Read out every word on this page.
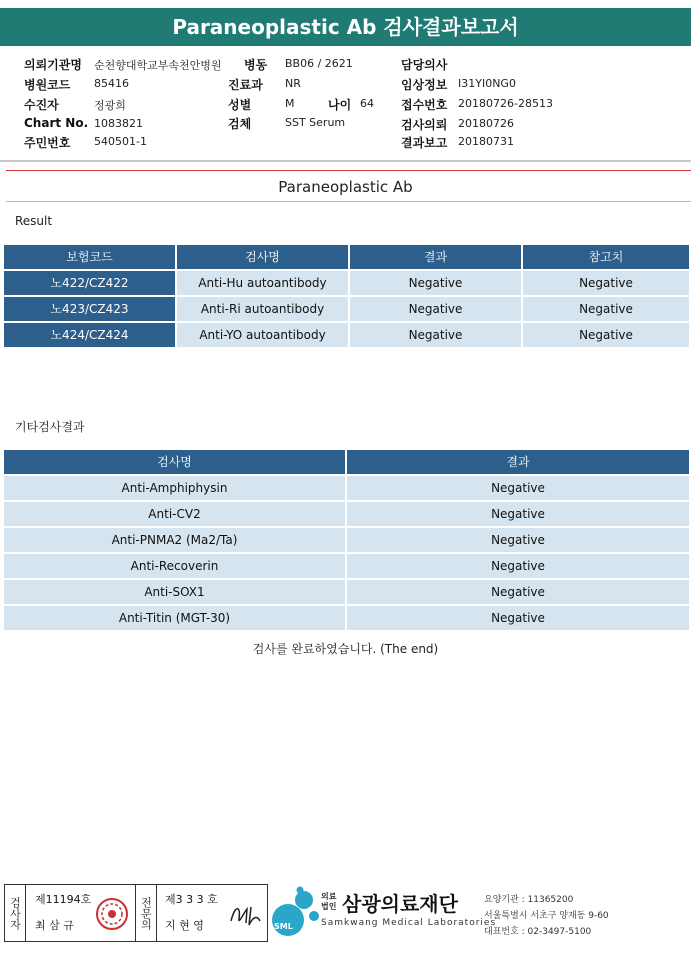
Paraneoplastic Ab 검사결과보고서
의뢰기관명 순천향대학교부속천안병원 병동 BB06 / 2621	담당의사
병원코드 85416	진료과 NR	임상정보 I31YI0NG0
수진자	정광희	성별	M	나이 64 접수번호 20180726-28513
Chart No. 1083821	검체	SST Serum	검사의뢰 20180726
주민번호 540501-1	결과보고 20180731
Paraneoplastic Ab
Result
보험코드	검사명	결과	참고치
노422/CZ422	Anti-Hu autoantibody	Negative	Negative
노423/CZ423	Anti-Ri autoantibody	Negative	Negative
노424/CZ424	Anti-YO autoantibody	Negative	Negative
기타검사결과
검사명	결과
Anti-Amphiphysin	Negative
Anti-CV2	Negative
Anti-PNMA2 (Ma2/Ta)	Negative
Anti-Recoverin	Negative
Anti-SOX1	Negative
Anti-Titin (MGT-30)	Negative
검사를 완료하였습니다. (The end)
검사자	제11194호
최 삼 규	전문의	제3 3 3 호
지 현 영	SML
의료법인 삼광의료재단
Samkwang Medical Laboratories
요양기관 : 11365200
서울특별시 서초구 양재동 9-60
대표번호 : 02-3497-5100
